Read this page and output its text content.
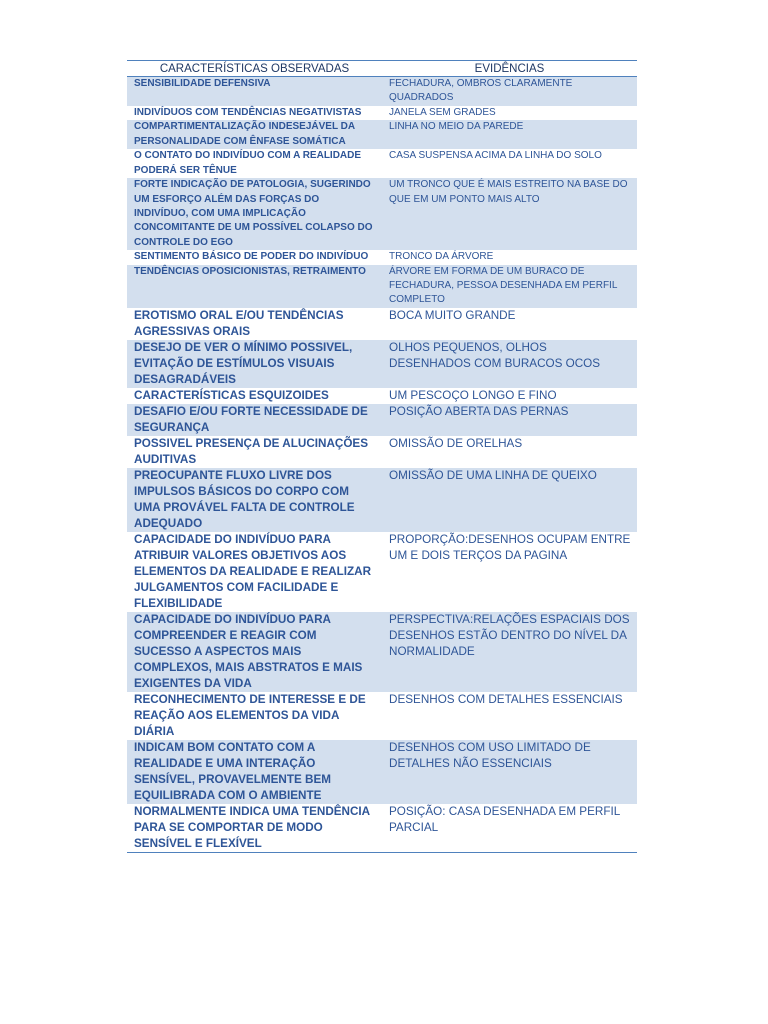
CARACTERÍSTICAS OBSERVADAS	EVIDÊNCIAS
SENSIBILIDADE DEFENSIVA	FECHADURA, OMBROS CLARAMENTE QUADRADOS
INDIVÍDUOS COM TENDÊNCIAS NEGATIVISTAS	JANELA SEM GRADES
COMPARTIMENTALIZAÇÃO INDESEJÁVEL DA PERSONALIDADE COM ÊNFASE SOMÁTICA	LINHA NO MEIO DA PAREDE
O CONTATO DO INDIVÍDUO COM A REALIDADE PODERÁ SER TÊNUE	CASA SUSPENSA ACIMA DA LINHA DO SOLO
FORTE INDICAÇÃO DE PATOLOGIA, SUGERINDO UM ESFORÇO ALÉM DAS FORÇAS DO INDIVÍDUO, COM UMA IMPLICAÇÃO CONCOMITANTE DE UM POSSÍVEL COLAPSO DO CONTROLE DO EGO	UM TRONCO QUE É MAIS ESTREITO NA BASE DO QUE EM UM PONTO MAIS ALTO
SENTIMENTO BÁSICO DE PODER DO INDIVÍDUO	TRONCO DA ÁRVORE
TENDÊNCIAS OPOSICIONISTAS, RETRAIMENTO	ÁRVORE EM FORMA DE UM BURACO DE FECHADURA, PESSOA DESENHADA EM PERFIL COMPLETO
EROTISMO ORAL E/OU TENDÊNCIAS AGRESSIVAS ORAIS	BOCA MUITO GRANDE
DESEJO DE VER O MÍNIMO POSSIVEL, EVITAÇÃO DE ESTÍMULOS VISUAIS DESAGRADÁVEIS	OLHOS PEQUENOS, OLHOS DESENHADOS COM BURACOS OCOS
CARACTERÍSTICAS ESQUIZOIDES	UM PESCOÇO LONGO E FINO
DESAFIO E/OU FORTE NECESSIDADE DE SEGURANÇA	POSIÇÃO ABERTA DAS PERNAS
POSSIVEL PRESENÇA DE ALUCINAÇÕES AUDITIVAS	OMISSÃO DE ORELHAS
PREOCUPANTE FLUXO LIVRE DOS IMPULSOS BÁSICOS DO CORPO COM UMA PROVÁVEL FALTA DE CONTROLE ADEQUADO	OMISSÃO DE UMA LINHA DE QUEIXO
CAPACIDADE DO INDIVÍDUO PARA ATRIBUIR VALORES OBJETIVOS AOS ELEMENTOS DA REALIDADE E REALIZAR JULGAMENTOS COM FACILIDADE E FLEXIBILIDADE	PROPORÇÃO:DESENHOS OCUPAM ENTRE UM E DOIS TERÇOS DA PAGINA
CAPACIDADE DO INDIVÍDUO PARA COMPREENDER E REAGIR COM SUCESSO A ASPECTOS MAIS COMPLEXOS, MAIS ABSTRATOS E MAIS EXIGENTES DA VIDA	PERSPECTIVA:RELAÇÕES ESPACIAIS DOS DESENHOS ESTÃO DENTRO DO NÍVEL DA NORMALIDADE
RECONHECIMENTO DE INTERESSE E DE REAÇÃO AOS ELEMENTOS DA VIDA DIÁRIA	DESENHOS COM DETALHES ESSENCIAIS
INDICAM BOM CONTATO COM A REALIDADE E UMA INTERAÇÃO SENSÍVEL, PROVAVELMENTE BEM EQUILIBRADA COM O AMBIENTE	DESENHOS COM USO LIMITADO DE DETALHES NÃO ESSENCIAIS
NORMALMENTE INDICA UMA TENDÊNCIA PARA SE COMPORTAR DE MODO SENSÍVEL E FLEXÍVEL	POSIÇÃO: CASA DESENHADA EM PERFIL PARCIAL
